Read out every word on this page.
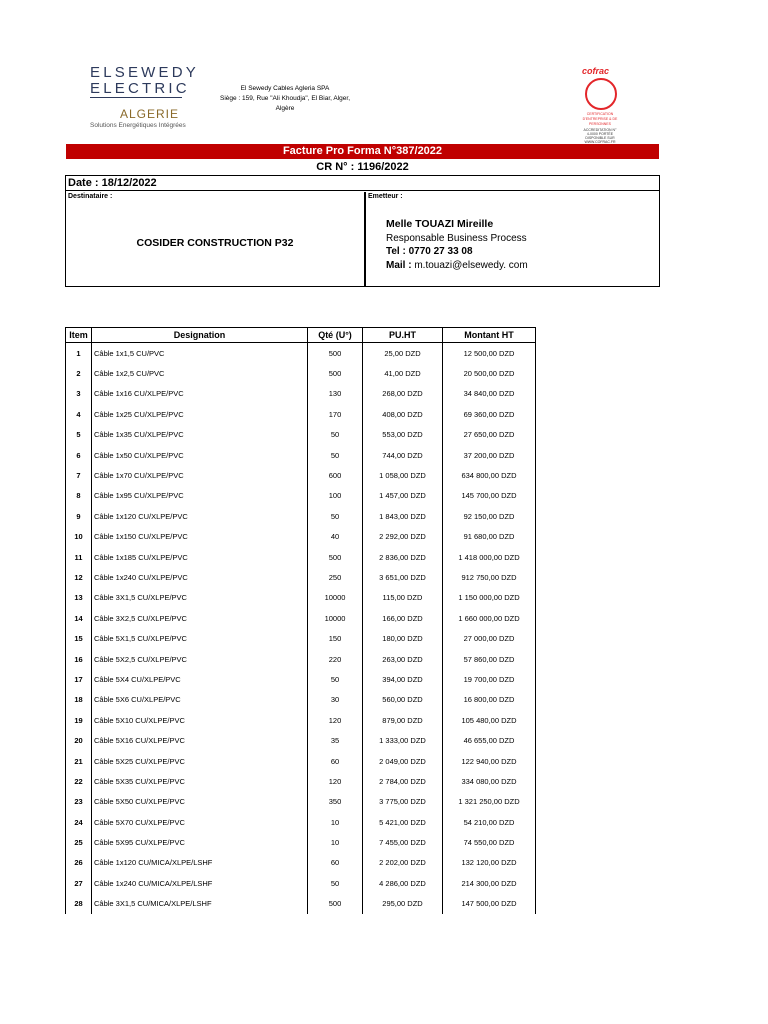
ELSEWEDY
ELECTRIC
ALGERIE
Solutions Energétiques Intégrées
El Sewedy Cables Agleria SPA
Siège : 159, Rue "Ali Khoudja", El Biar, Alger,
Algère
cofrac
CERTIFICATION D'ENTREPRISE & DE PERSONNES
ACCREDITATION N° 4-0000 PORTÉE DISPONIBLE SUR WWW.COFRAC.FR
Facture Pro Forma N°387/2022
CR N° : 1196/2022
Date : 18/12/2022
Destinataire :
COSIDER CONSTRUCTION P32
Emetteur :
Melle TOUAZI Mireille
Responsable Business Process
Tel : 0770 27 33 08
Mail : m.touazi@elsewedy. com
Item	Designation	Qté (U°)	PU.HT	Montant HT
1	Câble 1x1,5 CU/PVC	500	25,00 DZD	12 500,00 DZD
2	Câble 1x2,5 CU/PVC	500	41,00 DZD	20 500,00 DZD
3	Câble 1x16 CU/XLPE/PVC	130	268,00 DZD	34 840,00 DZD
4	Câble 1x25 CU/XLPE/PVC	170	408,00 DZD	69 360,00 DZD
5	Câble 1x35 CU/XLPE/PVC	50	553,00 DZD	27 650,00 DZD
6	Câble 1x50 CU/XLPE/PVC	50	744,00 DZD	37 200,00 DZD
7	Câble 1x70 CU/XLPE/PVC	600	1 058,00 DZD	634 800,00 DZD
8	Câble 1x95 CU/XLPE/PVC	100	1 457,00 DZD	145 700,00 DZD
9	Câble 1x120 CU/XLPE/PVC	50	1 843,00 DZD	92 150,00 DZD
10	Câble 1x150 CU/XLPE/PVC	40	2 292,00 DZD	91 680,00 DZD
11	Câble 1x185 CU/XLPE/PVC	500	2 836,00 DZD	1 418 000,00 DZD
12	Câble 1x240 CU/XLPE/PVC	250	3 651,00 DZD	912 750,00 DZD
13	Câble 3X1,5 CU/XLPE/PVC	10000	115,00 DZD	1 150 000,00 DZD
14	Câble 3X2,5 CU/XLPE/PVC	10000	166,00 DZD	1 660 000,00 DZD
15	Câble 5X1,5 CU/XLPE/PVC	150	180,00 DZD	27 000,00 DZD
16	Câble 5X2,5 CU/XLPE/PVC	220	263,00 DZD	57 860,00 DZD
17	Câble 5X4 CU/XLPE/PVC	50	394,00 DZD	19 700,00 DZD
18	Câble 5X6 CU/XLPE/PVC	30	560,00 DZD	16 800,00 DZD
19	Câble 5X10 CU/XLPE/PVC	120	879,00 DZD	105 480,00 DZD
20	Câble 5X16 CU/XLPE/PVC	35	1 333,00 DZD	46 655,00 DZD
21	Câble 5X25 CU/XLPE/PVC	60	2 049,00 DZD	122 940,00 DZD
22	Câble 5X35 CU/XLPE/PVC	120	2 784,00 DZD	334 080,00 DZD
23	Câble 5X50 CU/XLPE/PVC	350	3 775,00 DZD	1 321 250,00 DZD
24	Câble 5X70 CU/XLPE/PVC	10	5 421,00 DZD	54 210,00 DZD
25	Câble 5X95 CU/XLPE/PVC	10	7 455,00 DZD	74 550,00 DZD
26	Câble 1x120 CU/MICA/XLPE/LSHF	60	2 202,00 DZD	132 120,00 DZD
27	Câble 1x240 CU/MICA/XLPE/LSHF	50	4 286,00 DZD	214 300,00 DZD
28	Câble 3X1,5 CU/MICA/XLPE/LSHF	500	295,00 DZD	147 500,00 DZD
